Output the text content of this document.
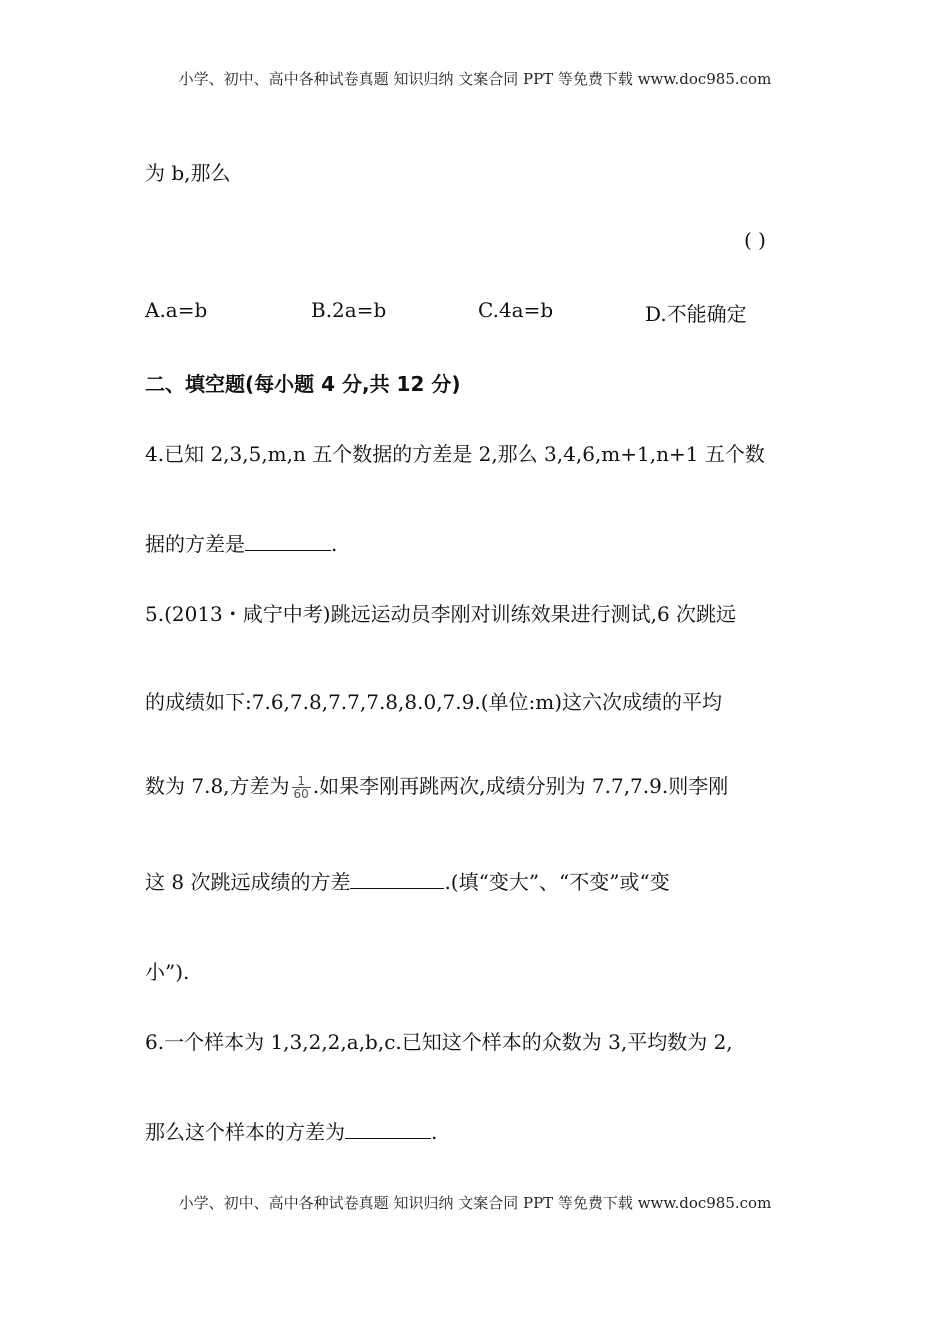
小学、初中、高中各种试卷真题 知识归纳 文案合同 PPT 等免费下载 www.doc985.com
为 b,那么
( )
A.a=b	B.2a=b	C.4a=b	D.不能确定
二、填空题(每小题 4 分,共 12 分)
4.已知 2,3,5,m,n 五个数据的方差是 2,那么 3,4,6,m+1,n+1 五个数
据的方差是	.
5.(2013・咸宁中考)跳远运动员李刚对训练效果进行测试,6 次跳远
的成绩如下:7.6,7.8,7.7,7.8,8.0,7.9.(单位:m)这六次成绩的平均
数为 7.8,方差为 $\frac{1}{60}$ .如果李刚再跳两次,成绩分别为 7.7,7.9.则李刚
这 8 次跳远成绩的方差	.(填“变大”、“不变”或“变
小”).
6.一个样本为 1,3,2,2,a,b,c.已知这个样本的众数为 3,平均数为 2,
那么这个样本的方差为	.
小学、初中、高中各种试卷真题 知识归纳 文案合同 PPT 等免费下载 www.doc985.com
